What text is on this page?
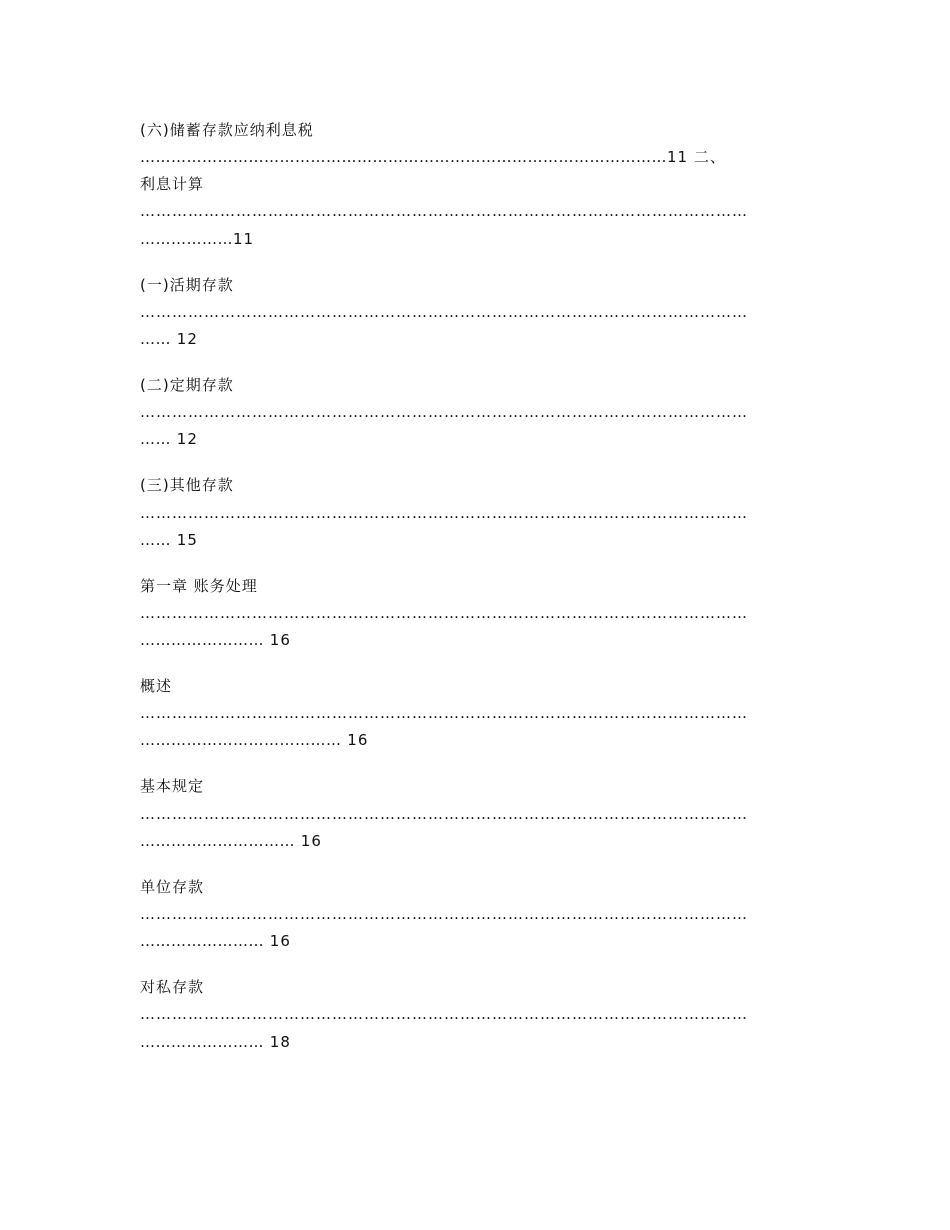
(六)储蓄存款应纳利息税
…………………………………………………………………………………………11 二、
利息计算
……………………………………………………………………………………………………
………………11
(一)活期存款
……………………………………………………………………………………………………
…… 12
(二)定期存款
……………………………………………………………………………………………………
…… 12
(三)其他存款
……………………………………………………………………………………………………
…… 15
第一章 账务处理
……………………………………………………………………………………………………
…………………… 16
概述
……………………………………………………………………………………………………
………………………………… 16
基本规定
……………………………………………………………………………………………………
………………………… 16
单位存款
……………………………………………………………………………………………………
…………………… 16
对私存款
……………………………………………………………………………………………………
…………………… 18
